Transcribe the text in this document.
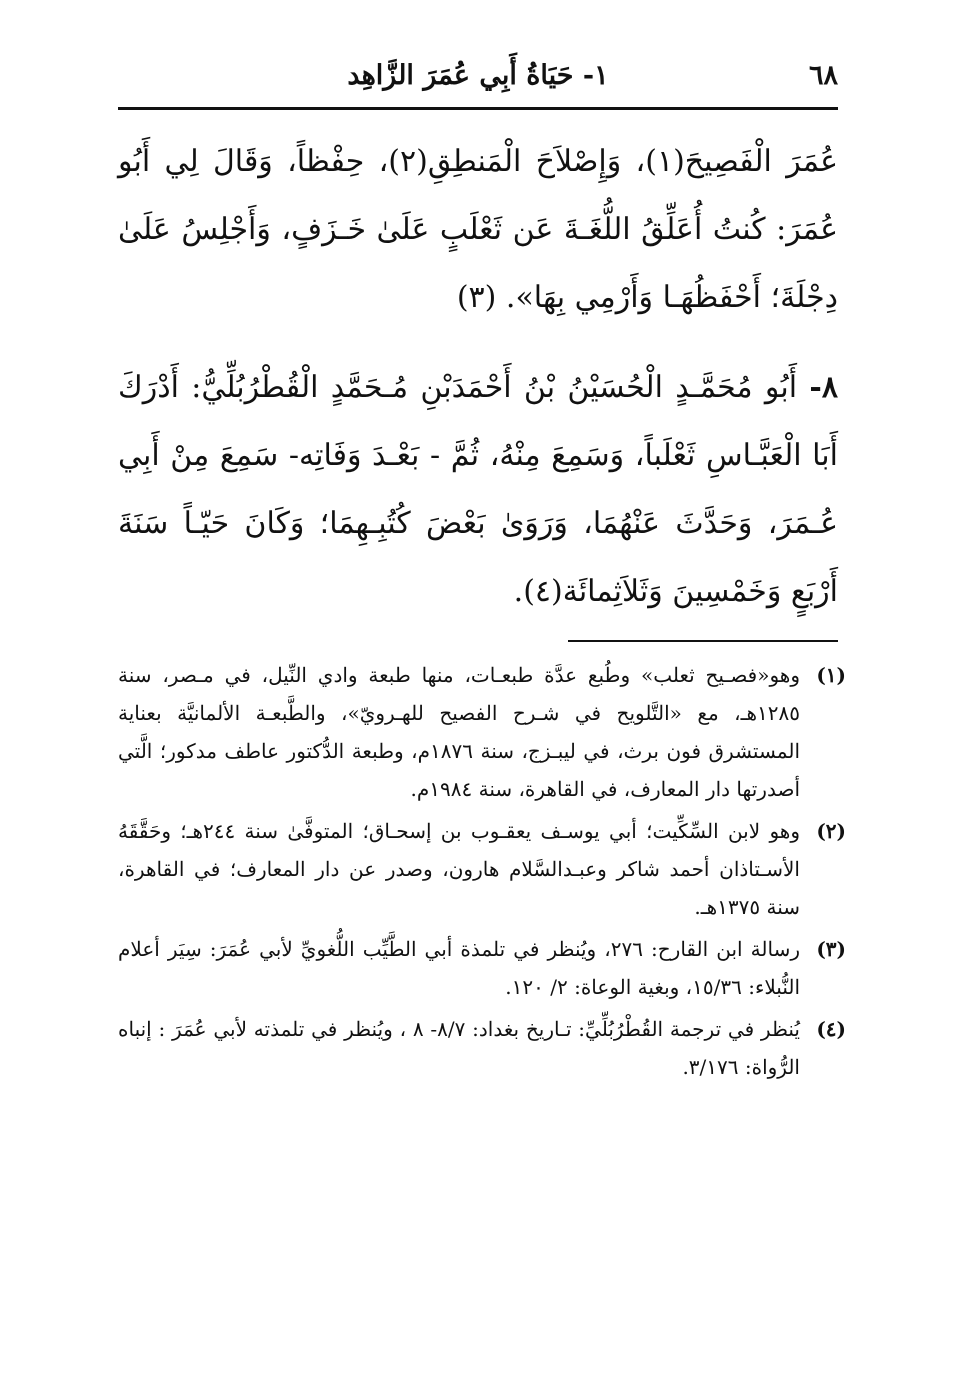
٦٨
١- حَيَاةُ أَبِي عُمَرَ الزَّاهِد

عُمَرَ الْفَصِيحَ(١)، وَإِصْلاَحَ الْمَنطِقِ(٢)، حِفْظاً، وَقَالَ لِي أَبُو عُمَرَ: كُنتُ أُعَلِّقُ اللُّغَـةَ عَن ثَعْلَبٍ عَلَىٰ خَـزَفٍ، وَأَجْلِسُ عَلَىٰ دِجْلَةَ؛ أَحْفَظُهَـا وَأَرْمِي بِهَا». (٣)

٨- أَبُو مُحَمَّـدٍ الْحُسَيْنُ بْنُ أَحْمَدَبْنِ مُـحَمَّدٍ الْقُطْرُبُلِّيُّ: أَدْرَكَ أَبَا الْعَبَّـاسِ ثَعْلَباً، وَسَمِعَ مِنْهُ، ثُمَّ - بَعْـدَ وَفَاتِه- سَمِعَ مِنْ أَبِي عُـمَرَ، وَحَدَّثَ عَنْهُمَا، وَرَوَىٰ بَعْضَ كُتُبِـهِمَا؛ وَكَانَ حَيّـاً سَنَةَ أَرْبَعٍ وَخَمْسِينَ وَثَلاَثِمائَة(٤).

(١)
وهو«فصـيح ثعلب» وطُبع عدَّة طبعـات، منها طبعة وادي النِّيل، في مـصر، سنة ١٢٨٥هـ، مع «التَّلويح في شـرح الفصيح للهـرويّ»، والطَّبعـة الألمانيَّة بعناية المستشرق فون برث، في ليبـزج، سنة ١٨٧٦م، وطبعة الدُّكتور عاطف مدكور؛ الَّتي أصدرتها دار المعارف، في القاهرة، سنة ١٩٨٤م.
(٢)
وهو لابن السِّكِّيت؛ أبي يوسـف يعقـوب بن إسحـاق؛ المتوفَّىٰ سنة ٢٤٤هـ؛ وحَقَّقَهُ الأسـتاذان أحمد شاكر وعبـدالسَّلام هارون، وصدر عن دار المعارف؛ في القاهرة، سنة ١٣٧٥هـ.
(٣)
رسالة ابن القارح: ٢٧٦، ويُنظر في تلمذة أبي الطَّيِّب اللُّغويِّ لأبي عُمَرَ: سِيَر أعلام النُّبلاء: ١٥/٣٦، وبغية الوعاة: ٢/ ١٢٠.
(٤)
يُنظر في ترجمة القُطْرُبُلِّيِّ: تـاريخ بغداد: ٨/٧- ٨ ، ويُنظر في تلمذته لأبي عُمَرَ : إنباه الرُّواة: ٣/١٧٦.
